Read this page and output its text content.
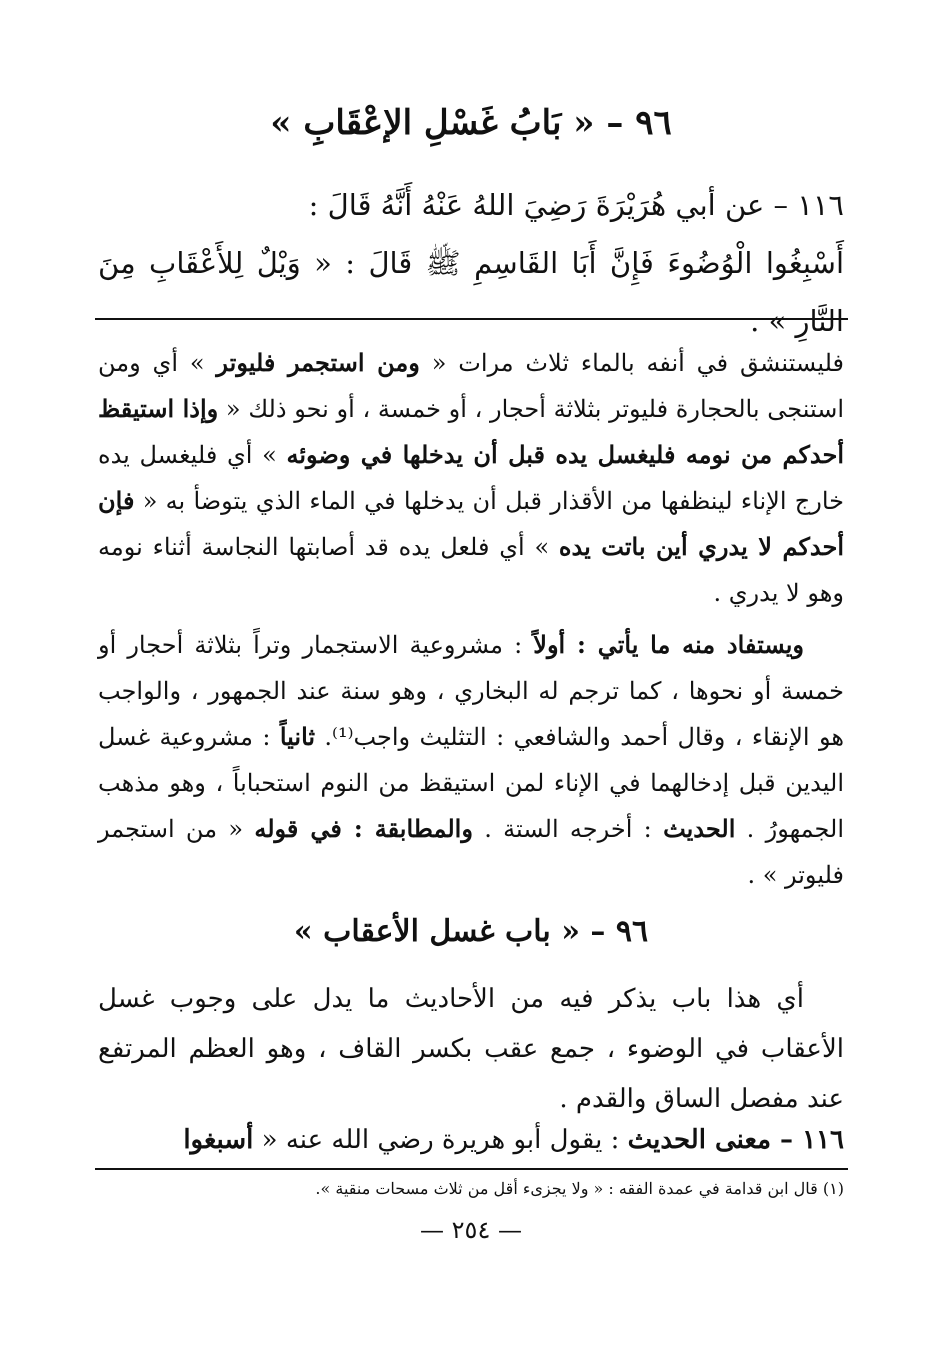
٩٦ – « بَابُ غَسْلِ الإعْقَابِ »
١١٦ – عن أبي هُرَيْرَةَ رَضِيَ اللهُ عَنْهُ أَنَّهُ قَالَ :
أَسْبِغُوا الْوُضُوءَ فَإِنَّ أَبَا القَاسِمِ ﷺ قَالَ : « وَيْلٌ لِلأَعْقَابِ مِنَ النَّارِ » .
فليستنشق في أنفه بالماء ثلاث مرات « ومن استجمر فليوتر » أي ومن استنجى بالحجارة فليوتر بثلاثة أحجار ، أو خمسة ، أو نحو ذلك « وإذا استيقظ أحدكم من نومه فليغسل يده قبل أن يدخلها في وضوئه » أي فليغسل يده خارج الإناء لينظفها من الأقذار قبل أن يدخلها في الماء الذي يتوضأ به « فإن أحدكم لا يدري أين باتت يده » أي فلعل يده قد أصابتها النجاسة أثناء نومه وهو لا يدري .
ويستفاد منه ما يأتي : أولاً : مشروعية الاستجمار وتراً بثلاثة أحجار أو خمسة أو نحوها ، كما ترجم له البخاري ، وهو سنة عند الجمهور ، والواجب هو الإنقاء ، وقال أحمد والشافعي : التثليث واجب⁽¹⁾. ثانياً : مشروعية غسل اليدين قبل إدخالهما في الإناء لمن استيقظ من النوم استحباباً ، وهو مذهب الجمهورُ . الحديث : أخرجه الستة . والمطابقة : في قوله « من استجمر فليوتر » .
٩٦ – « باب غسل الأعقاب »
أي هذا باب يذكر فيه من الأحاديث ما يدل على وجوب غسل الأعقاب في الوضوء ، جمع عقب بكسر القاف ، وهو العظم المرتفع عند مفصل الساق والقدم .
١١٦ – معنى الحديث : يقول أبو هريرة رضي الله عنه « أسبغوا
(١) قال ابن قدامة في عمدة الفقه : « ولا يجزىء أقل من ثلاث مسحات منقية ».
— ٢٥٤ —
